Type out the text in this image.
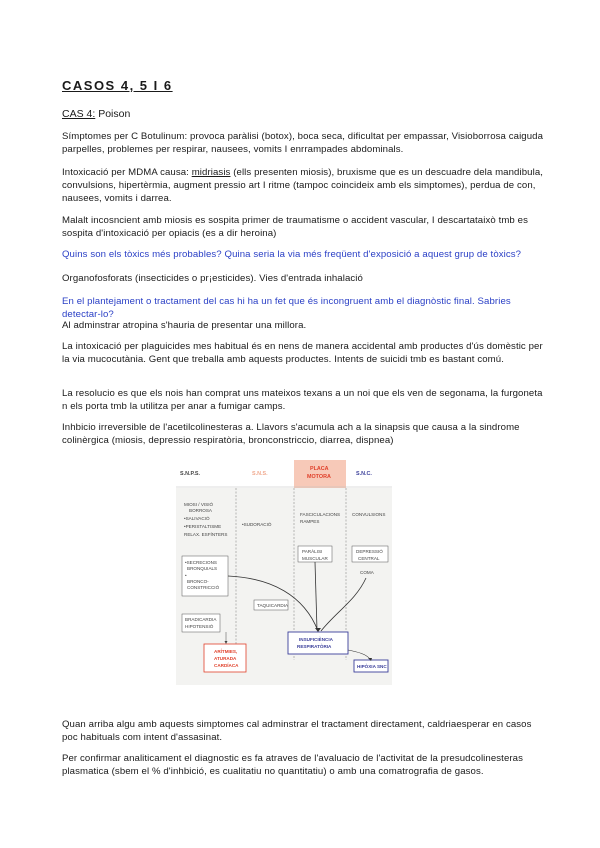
CASOS 4, 5 I 6
CAS 4: Poison

Símptomes per C Botulinum: provoca paràlisi (botox), boca seca, dificultat per empassar, Visioborrosa caiguda parpelles, problemes per respirar, nausees, vomits I enrrampades abdominals.

Intoxicació per MDMA causa: midriasis (ells presenten miosis), bruxisme que es un descuadre dela mandibula, convulsions, hipertèrmia, augment pressio art I ritme (tampoc coincideix amb els simptomes), perdua de con, nausees, vomits i darrea.

Malalt incosncient amb miosis es sospita primer de traumatisme o accident vascular, I descartataixò tmb es sospita d'intoxicació per opiacis (es a dir heroina)

Quins son els tòxics més probables? Quina seria la via més freqüent d'exposició a aquest grup de tòxics?

Organofosforats (insecticides o pr¡esticides). Vies d'entrada inhalació

En el plantejament o tractament del cas hi ha un fet que és incongruent amb el diagnòstic final. Sabries detectar-lo?

Al adminstrar atropina s'hauria de presentar una millora.

La intoxicació per plaguicides mes habitual és en nens de manera accidental amb productes d'ús domèstic per la via mucocutània. Gent que treballa amb aquests productes. Intents de suicidi tmb es bastant comú.

La resolucio es que els nois han comprat uns mateixos texans a un noi que els ven de segonama, la furgoneta n els porta tmb la utilitza per anar a fumigar camps.

Inhbicio irreversible de l'acetilcolinesteras a. Llavors s'acumula ach a la sinapsis que causa a la sindrome colinèrgica (miosis, depressio respiratòria, bronconstriccio, diarrea, dispnea)

Quan arriba algu amb aquests simptomes cal adminstrar el tractament directament, caldriaesperar en casos poc habituals com intent d'assasinat.

Per confirmar analiticament el diagnostic es fa atraves de l'avaluacio de l'activitat de la presudcolinesteras plasmatica (sbem el % d'inhbició, es cualitatiu no quantitatiu) o amb una comatrografia de gasos.

S.N.P.S.	S.N.S.
PLACA
MOTORA	S.N.C.
MIOSI / VISIÓ
BORROSA
•SALIVACIÓ
•PERISTALTISME
RELAX. ESFÍNTERS
•SECRECIONS
BRONQUIALS
•
BRONCO-
CONSTRICCIÓ
BRADICARDIA
HIPOTENSIÓ
ARÍTMIES,
ATURADA
CARDÍACA
•SUDORACIÓ
TAQUICARDIA
FASCICULACIONS
RAMPES
PARÀLISI
MUSCULAR
INSUFICIÈNCIA
RESPIRATÒRIA
CONVULSIONS
DEPRESSIÓ
CENTRAL
COMA
HIPÒXIA SNC
